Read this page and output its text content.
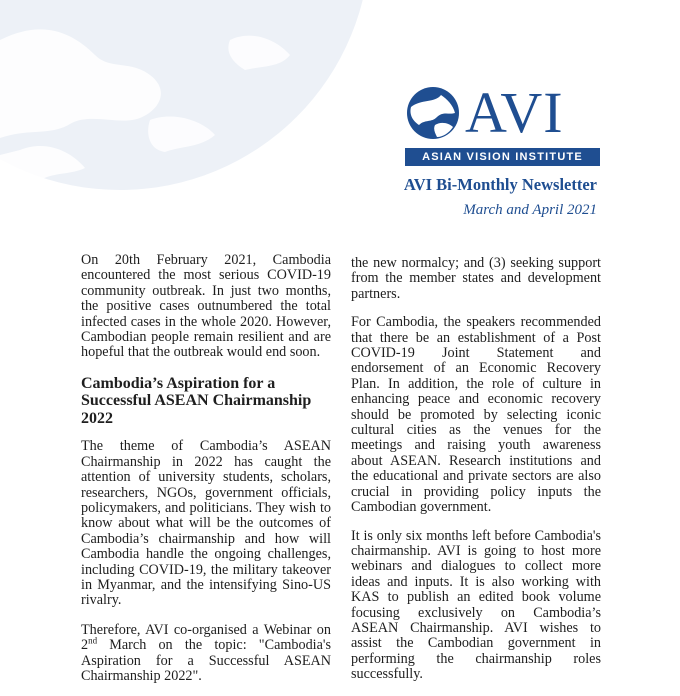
AVI
ASIAN VISION INSTITUTE
AVI Bi-Monthly Newsletter
March and April 2021

On 20th February 2021, Cambodia encountered the most serious COVID-19 community outbreak. In just two months, the positive cases outnumbered the total infected cases in the whole 2020. However, Cambodian people remain resilient and are hopeful that the outbreak would end soon.

Cambodia’s Aspiration for a Successful ASEAN Chairmanship 2022

The theme of Cambodia’s ASEAN Chairmanship in 2022 has caught the attention of university students, scholars, researchers, NGOs, government officials, policymakers, and politicians. They wish to know about what will be the outcomes of Cambodia’s chairmanship and how will Cambodia handle the ongoing challenges, including COVID-19, the military takeover in Myanmar, and the intensifying Sino-US rivalry.

Therefore, AVI co-organised a Webinar on 2nd March on the topic: "Cambodia's Aspiration for a Successful ASEAN Chairmanship 2022".

the new normalcy; and (3) seeking support from the member states and development partners.

For Cambodia, the speakers recommended that there be an establishment of a Post COVID-19 Joint Statement and endorsement of an Economic Recovery Plan. In addition, the role of culture in enhancing peace and economic recovery should be promoted by selecting iconic cultural cities as the venues for the meetings and raising youth awareness about ASEAN. Research institutions and the educational and private sectors are also crucial in providing policy inputs the Cambodian government.

It is only six months left before Cambodia's chairmanship. AVI is going to host more webinars and dialogues to collect more ideas and inputs. It is also working with KAS to publish an edited book volume focusing exclusively on Cambodia’s ASEAN Chairmanship. AVI wishes to assist the Cambodian government in performing the chairmanship roles successfully.
